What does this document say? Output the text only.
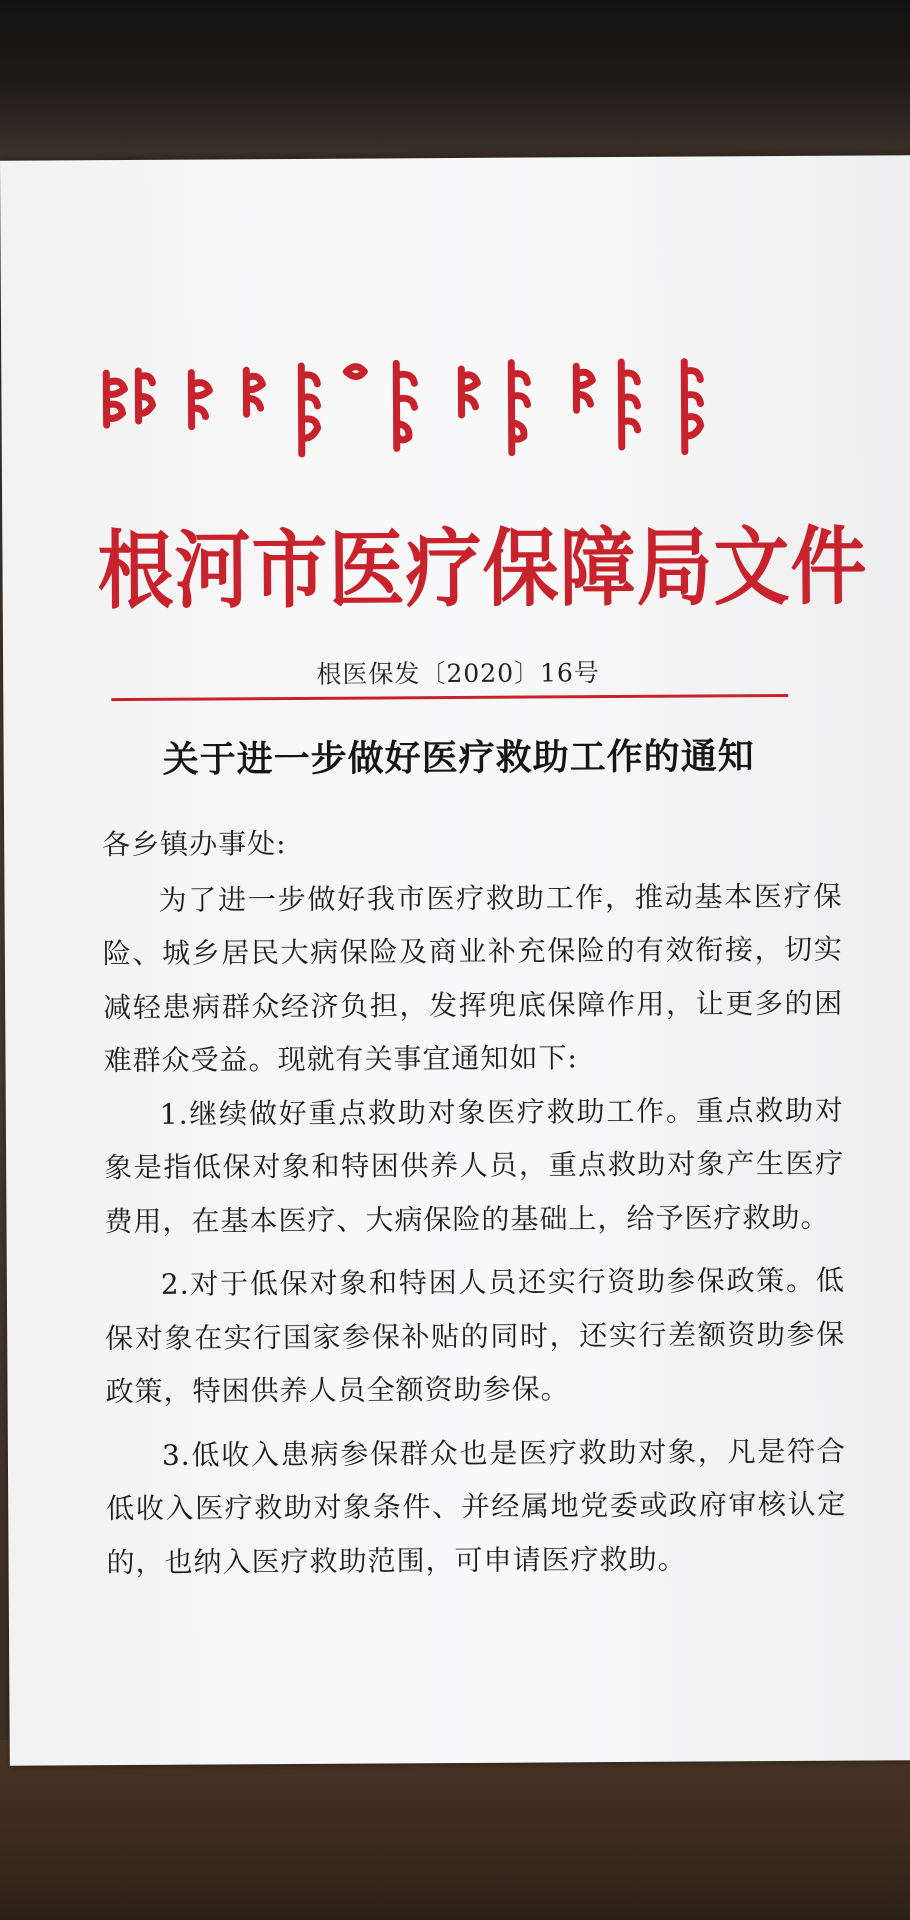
根河市医疗保障局文件
根医保发〔2020〕16号
关于进一步做好医疗救助工作的通知

各乡镇办事处:

为了进一步做好我市医疗救助工作，推动基本医疗保险、城乡居民大病保险及商业补充保险的有效衔接，切实减轻患病群众经济负担，发挥兜底保障作用，让更多的困难群众受益。现就有关事宜通知如下:

1.继续做好重点救助对象医疗救助工作。重点救助对象是指低保对象和特困供养人员，重点救助对象产生医疗费用，在基本医疗、大病保险的基础上，给予医疗救助。

2.对于低保对象和特困人员还实行资助参保政策。低保对象在实行国家参保补贴的同时，还实行差额资助参保政策，特困供养人员全额资助参保。

3.低收入患病参保群众也是医疗救助对象，凡是符合低收入医疗救助对象条件、并经属地党委或政府审核认定的，也纳入医疗救助范围，可申请医疗救助。
